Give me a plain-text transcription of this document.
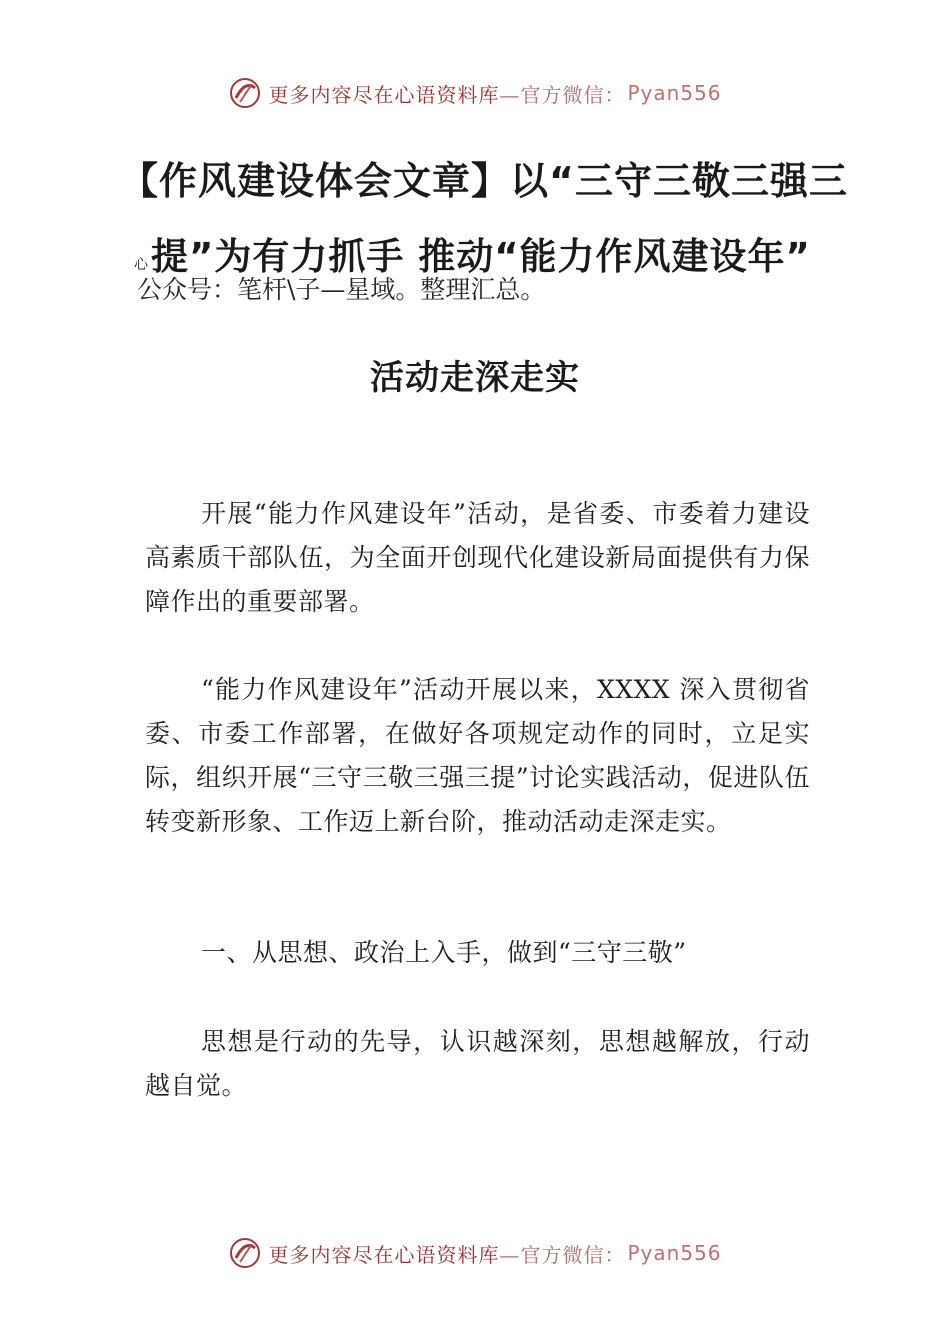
更多内容尽在心语资料库 —官方微信： Pyan556
【作风建设体会文章】以“三守三敬三强三
心提”为有力抓手 推动“能力作风建设年”
公众号：笔杆\子—星域。整理汇总。
活动走深走实
开展“能力作风建设年”活动，是省委、市委着力建设高素质干部队伍，为全面开创现代化建设新局面提供有力保障作出的重要部署。
“能力作风建设年”活动开展以来，XXXX 深入贯彻省委、市委工作部署，在做好各项规定动作的同时，立足实际，组织开展“三守三敬三强三提”讨论实践活动，促进队伍转变新形象、工作迈上新台阶，推动活动走深走实。
一、从思想、政治上入手，做到“三守三敬”
思想是行动的先导，认识越深刻，思想越解放，行动越自觉。
更多内容尽在心语资料库 —官方微信： Pyan556
